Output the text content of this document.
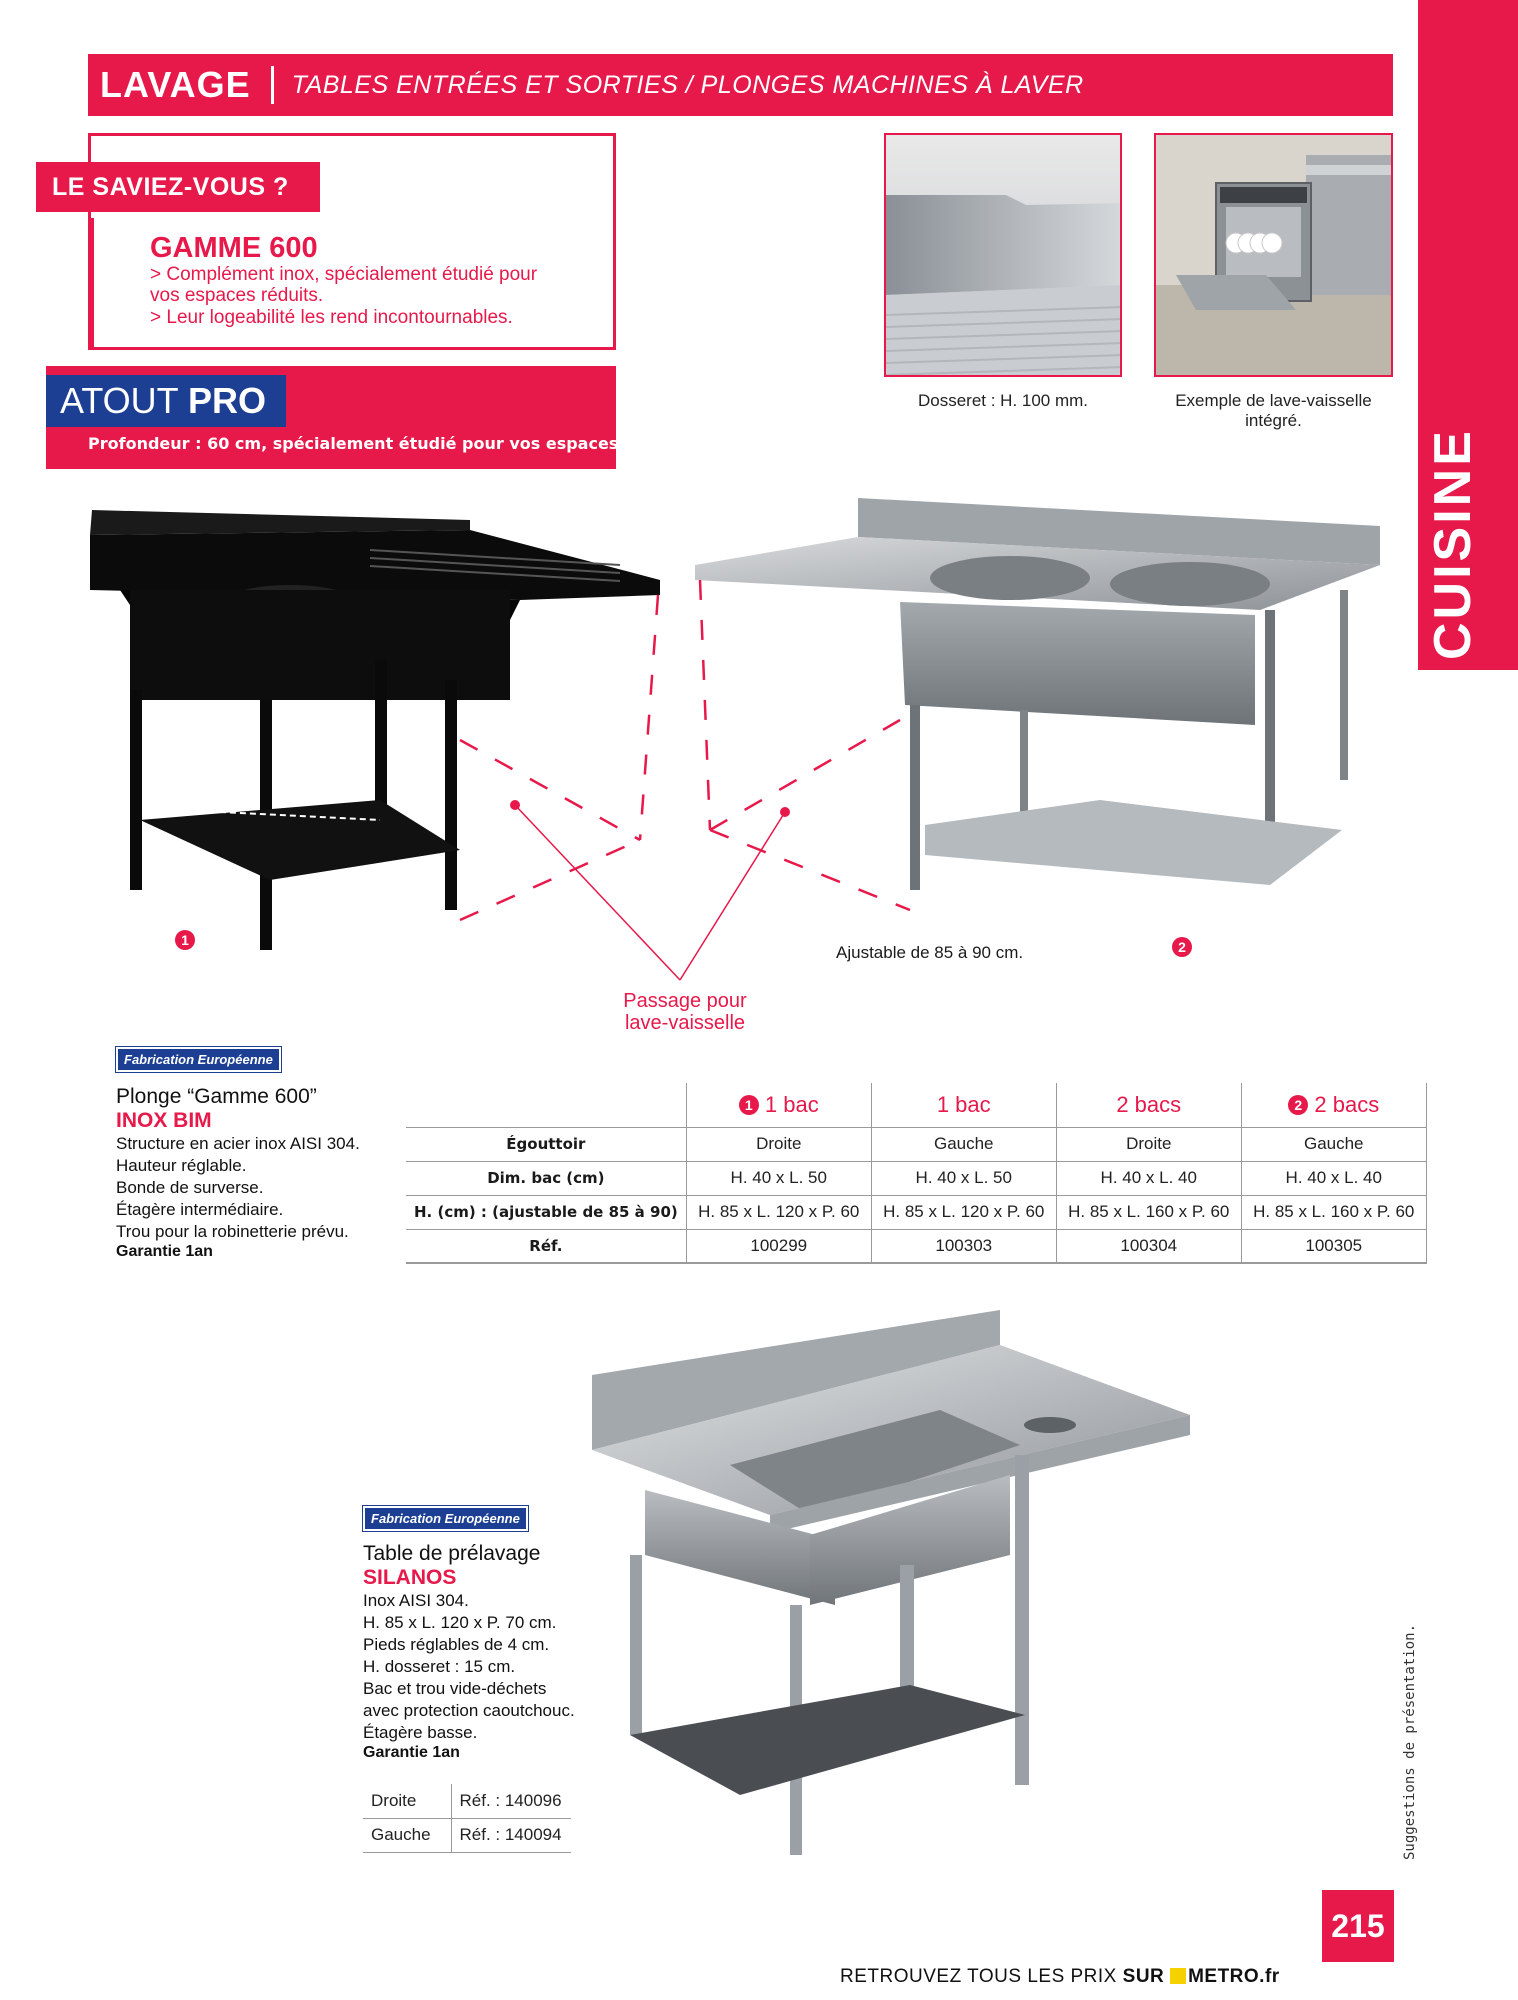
LAVAGE TABLES ENTRÉES ET SORTIES / PLONGES MACHINES À LAVER
CUISINE
LE SAVIEZ-VOUS ?
GAMME 600
> Complément inox, spécialement étudié pour
vos espaces réduits.
> Leur logeabilité les rend incontournables.
ATOUT PRO
Profondeur : 60 cm, spécialement étudié pour vos espaces réduits
Dosseret : H. 100 mm.	Exemple de lave-vaisselle
intégré.
1	2
Ajustable de 85 à 90 cm.
Passage pour
lave-vaisselle
Fabrication Européenne
Plonge “Gamme 600”
INOX BIM
Structure en acier inox AISI 304.
Hauteur réglable.
Bonde de surverse.
Étagère intermédiaire.
Trou pour la robinetterie prévu.
Garantie 1an
	1 1 bac	1 bac	2 bacs	2 2 bacs
Égouttoir	Droite	Gauche	Droite	Gauche
Dim. bac (cm)	H. 40 x L. 50	H. 40 x L. 50	H. 40 x L. 40	H. 40 x L. 40
H. (cm) : (ajustable de 85 à 90)	H. 85 x L. 120 x P. 60	H. 85 x L. 120 x P. 60	H. 85 x L. 160 x P. 60	H. 85 x L. 160 x P. 60
Réf.	100299	100303	100304	100305
Fabrication Européenne
Table de prélavage
SILANOS
Inox AISI 304.
H. 85 x L. 120 x P. 70 cm.
Pieds réglables de 4 cm.
H. dosseret : 15 cm.
Bac et trou vide-déchets
avec protection caoutchouc.
Étagère basse.
Garantie 1an
Droite	Réf. : 140096
Gauche	Réf. : 140094	Suggestions de présentation.
RETROUVEZ TOUS LES PRIX SUR METRO.fr
215
